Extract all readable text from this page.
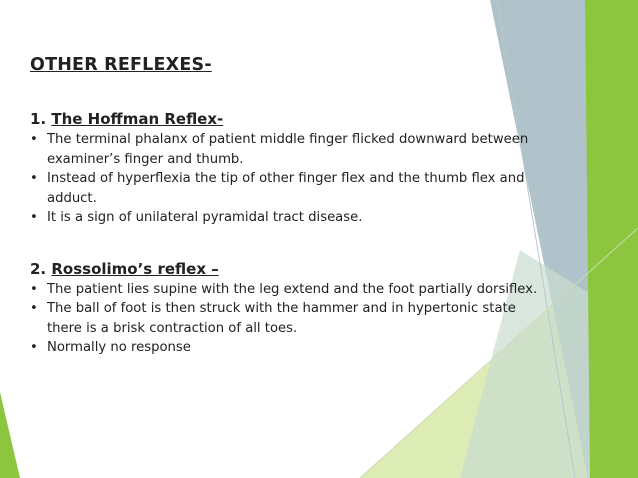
OTHER REFLEXES-

1. The Hoffman Reflex-

• The terminal phalanx of patient middle finger flicked downward between examiner’s finger and thumb.
• Instead of hyperflexia the tip of other finger flex and the thumb flex and adduct.
• It is a sign of unilateral pyramidal tract disease.

2. Rossolimo’s reflex –

• The patient lies supine with the leg extend and the foot partially dorsiflex.
• The ball of foot is then struck with the hammer and in hypertonic state there is a brisk contraction of all toes.
• Normally no response
